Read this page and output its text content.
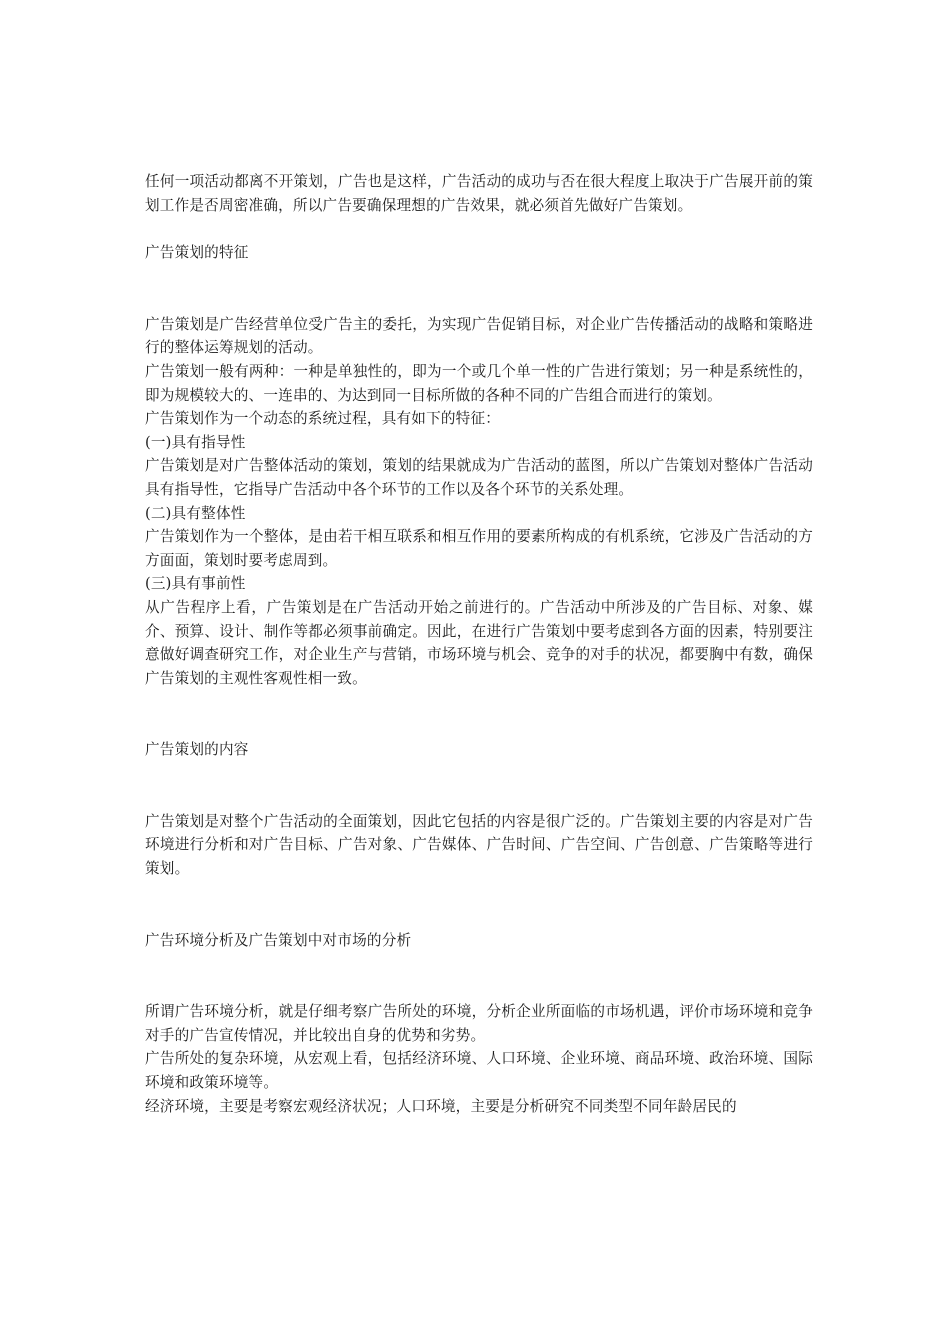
任何一项活动都离不开策划，广告也是这样，广告活动的成功与否在很大程度上取决于广告展开前的策划工作是否周密准确，所以广告要确保理想的广告效果，就必须首先做好广告策划。

广告策划的特征

广告策划是广告经营单位受广告主的委托，为实现广告促销目标，对企业广告传播活动的战略和策略进行的整体运筹规划的活动。

广告策划一般有两种：一种是单独性的，即为一个或几个单一性的广告进行策划；另一种是系统性的，即为规模较大的、一连串的、为达到同一目标所做的各种不同的广告组合而进行的策划。

广告策划作为一个动态的系统过程，具有如下的特征：

(一)具有指导性

广告策划是对广告整体活动的策划，策划的结果就成为广告活动的蓝图，所以广告策划对整体广告活动具有指导性，它指导广告活动中各个环节的工作以及各个环节的关系处理。

(二)具有整体性

广告策划作为一个整体，是由若干相互联系和相互作用的要素所构成的有机系统，它涉及广告活动的方方面面，策划时要考虑周到。

(三)具有事前性

从广告程序上看，广告策划是在广告活动开始之前进行的。广告活动中所涉及的广告目标、对象、媒介、预算、设计、制作等都必须事前确定。因此，在进行广告策划中要考虑到各方面的因素，特别要注意做好调查研究工作，对企业生产与营销，市场环境与机会、竞争的对手的状况，都要胸中有数，确保广告策划的主观性客观性相一致。

广告策划的内容

广告策划是对整个广告活动的全面策划，因此它包括的内容是很广泛的。广告策划主要的内容是对广告环境进行分析和对广告目标、广告对象、广告媒体、广告时间、广告空间、广告创意、广告策略等进行策划。

广告环境分析及广告策划中对市场的分析

所谓广告环境分析，就是仔细考察广告所处的环境，分析企业所面临的市场机遇，评价市场环境和竞争对手的广告宣传情况，并比较出自身的优势和劣势。

广告所处的复杂环境，从宏观上看，包括经济环境、人口环境、企业环境、商品环境、政治环境、国际环境和政策环境等。

经济环境，主要是考察宏观经济状况；人口环境，主要是分析研究不同类型不同年龄居民的
